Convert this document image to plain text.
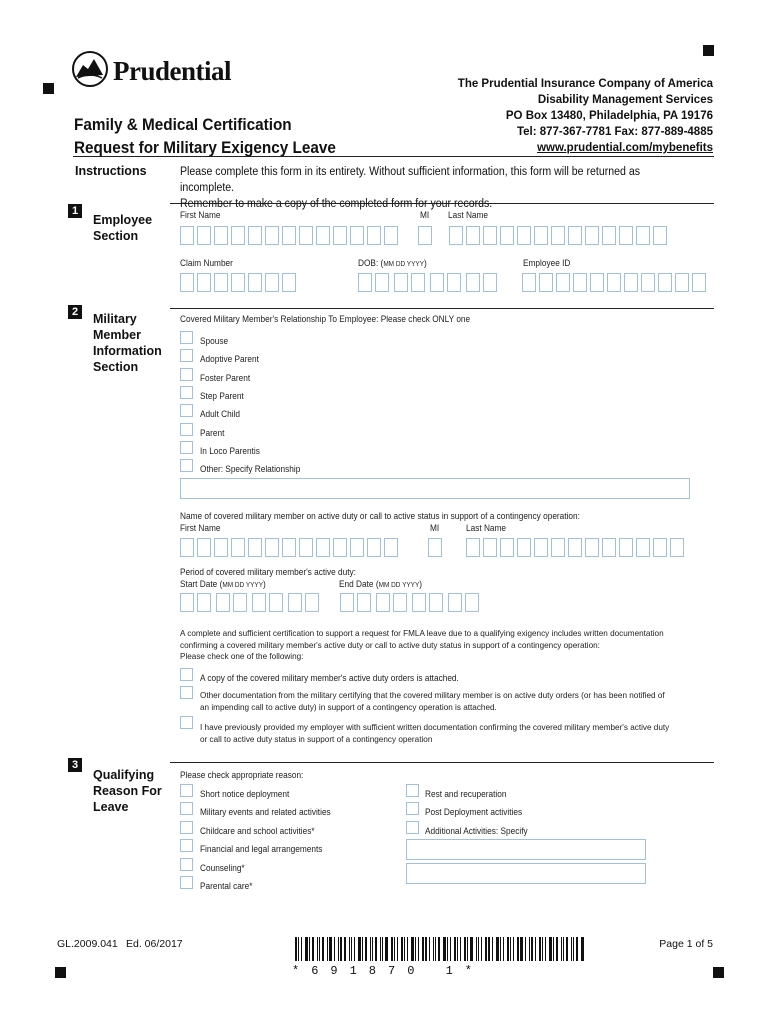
Prudential	The Prudential Insurance Company of America
Disability Management Services
PO Box 13480, Philadelphia, PA 19176
Tel: 877-367-7781 Fax: 877-889-4885
www.prudential.com/mybenefits
Family & Medical Certification
Request for Military Exigency Leave
Instructions	Please complete this form in its entirety. Without sufficient information, this form will be returned as incomplete.
Remember to make a copy of the completed form for your records.
1
Employee
Section
First Name	MI Last Name
Claim Number	DOB: (MM DD YYYY)	Employee ID
2	Military
Member
Information
Section
Covered Military Member's Relationship To Employee: Please check ONLY one
Spouse
Adoptive Parent
Foster Parent
Step Parent
Adult Child
Parent
In Loco Parentis
Other: Specify Relationship
Name of covered military member on active duty or call to active status in support of a contingency operation:
First Name	MI	Last Name
Period of covered military member's active duty:
Start Date (MM DD YYYY)	End Date (MM DD YYYY)
A complete and sufficient certification to support a request for FMLA leave due to a qualifying exigency includes written documentation
confirming a covered military member's active duty or call to active duty status in support of a contingency operation:
Please check one of the following:
A copy of the covered military member's active duty orders is attached.
Other documentation from the military certifying that the covered military member is on active duty orders (or has been notified of
an impending call to active duty) in support of a contingency operation is attached.
I have previously provided my employer with sufficient written documentation confirming the covered military member's active duty
or call to active duty status in support of a contingency operation
3
Qualifying
Reason For
Leave
Please check appropriate reason:
Short notice deployment
Military events and related activities
Childcare and school activities*
Financial and legal arrangements
Counseling*
Parental care*
Rest and recuperation
Post Deployment activities
Additional Activities: Specify
GL.2009.041 Ed. 06/2017	Page 1 of 5
*691870 1*
